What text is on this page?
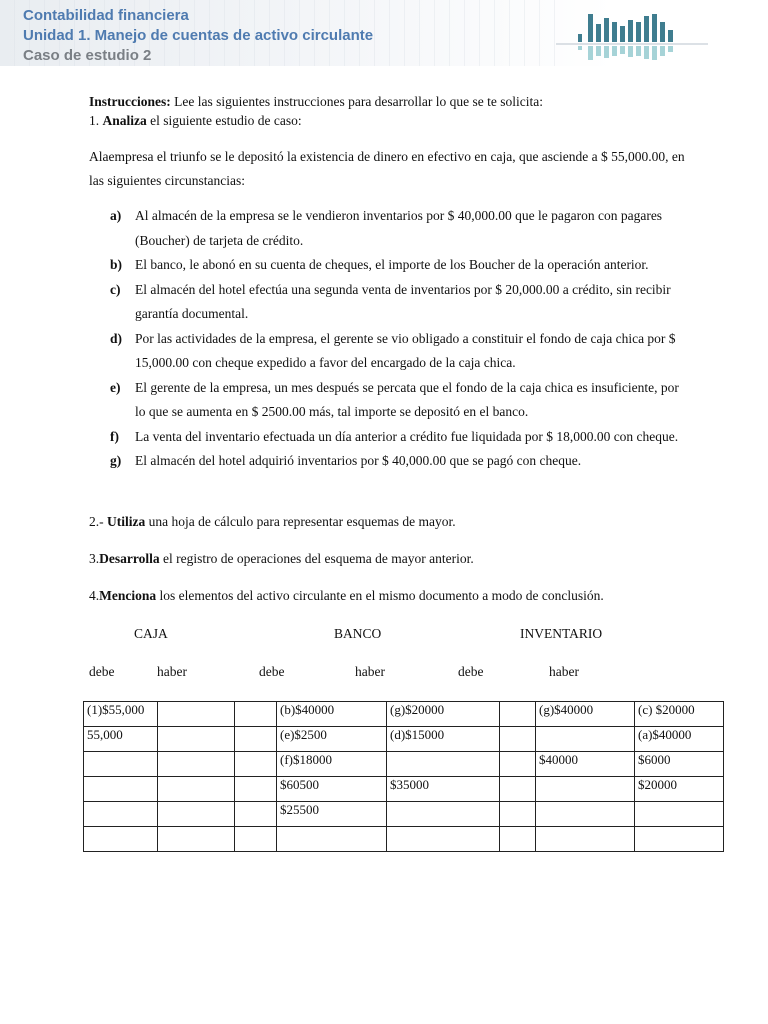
Contabilidad financiera
Unidad 1. Manejo de cuentas de activo circulante
Caso de estudio 2

Instrucciones: Lee las siguientes instrucciones para desarrollar lo que se te solicita:

1. Analiza el siguiente estudio de caso:

Alaempresa el triunfo se le depositó la existencia de dinero en efectivo en caja, que asciende a $ 55,000.00, en las siguientes circunstancias:
a)	Al almacén de la empresa se le vendieron inventarios por $ 40,000.00 que le pagaron con pagares (Boucher) de tarjeta de crédito.
b) El banco, le abonó en su cuenta de cheques, el importe de los Boucher de la operación anterior.
c)	El almacén del hotel efectúa una segunda venta de inventarios por $ 20,000.00 a crédito, sin recibir garantía documental.
d) Por las actividades de la empresa, el gerente se vio obligado a constituir el fondo de caja chica por $ 15,000.00 con cheque expedido a favor del encargado de la caja chica.
e)	El gerente de la empresa, un mes después se percata que el fondo de la caja chica es insuficiente, por lo que se aumenta en $ 2500.00 más, tal importe se depositó en el banco.
f)	La venta del inventario efectuada un día anterior a crédito fue liquidada por $ 18,000.00 con cheque.
g)	El almacén del hotel adquirió inventarios por $ 40,000.00 que se pagó con cheque.
2.- Utiliza una hoja de cálculo para representar esquemas de mayor.
3.Desarrolla el registro de operaciones del esquema de mayor anterior.
4.Menciona los elementos del activo circulante en el mismo documento a modo de conclusión.
CAJA	BANCO	INVENTARIO
debe	haber	debe	haber	debe	haber
(1)$55,000			(b)$40000	(g)$20000		(g)$40000	(c) $20000
55,000			(e)$2500	(d)$15000			(a)$40000
			(f)$18000			$40000	$6000
			$60500	$35000			$20000
			$25500				
